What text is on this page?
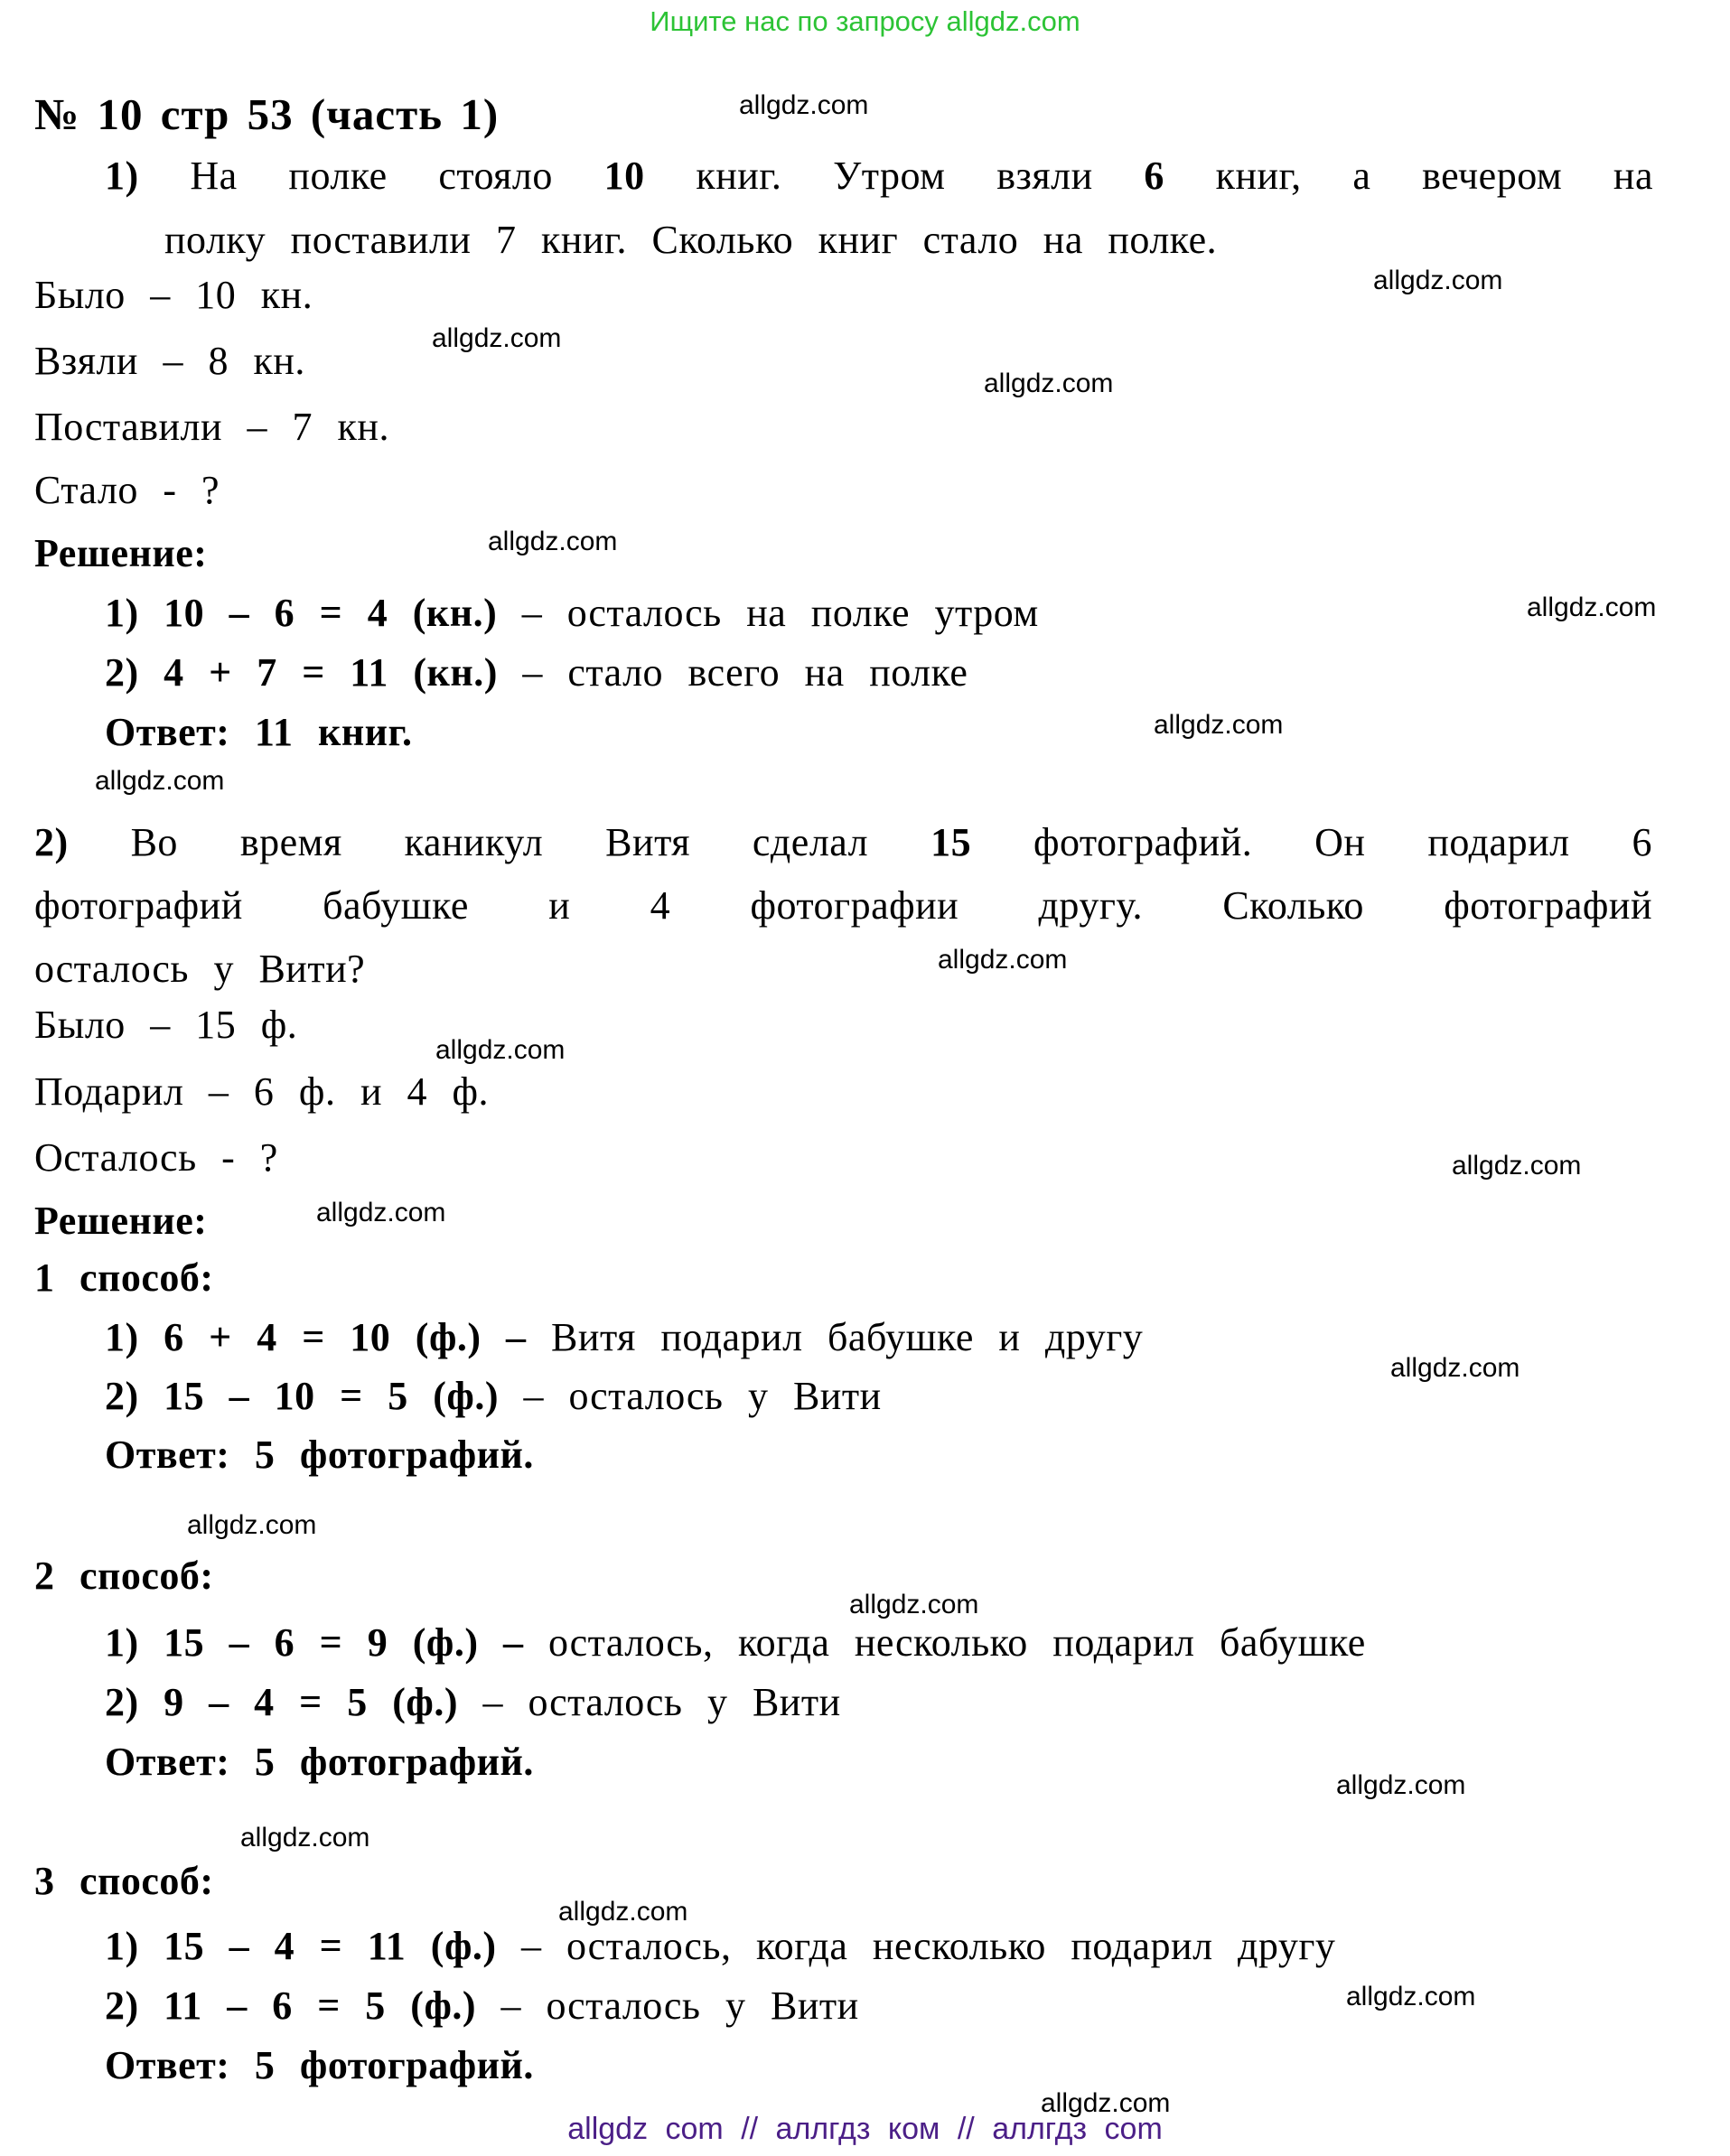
Ищите нас по запросу allgdz.com
№ 10 стр 53 (часть 1)
1) На полке стояло 10 книг. Утром взяли 6 книг, а вечером на
полку поставили 7 книг. Сколько книг стало на полке.
Было – 10 кн.
Взяли – 8 кн.
Поставили – 7 кн.
Стало - ?
Решение:
1) 10 – 6 = 4 (кн.) – осталось на полке утром
2) 4 + 7 = 11 (кн.) – стало всего на полке
Ответ: 11 книг.
2) Во время каникул Витя сделал 15 фотографий. Он подарил 6
фотографий бабушке и 4 фотографии другу. Сколько фотографий
осталось у Вити?
Было – 15 ф.
Подарил – 6 ф. и 4 ф.
Осталось - ?
Решение:
1 способ:
1) 6 + 4 = 10 (ф.) – Витя подарил бабушке и другу
2) 15 – 10 = 5 (ф.) – осталось у Вити
Ответ: 5 фотографий.
2 способ:
1) 15 – 6 = 9 (ф.) – осталось, когда несколько подарил бабушке
2) 9 – 4 = 5 (ф.) – осталось у Вити
Ответ: 5 фотографий.
3 способ:
1) 15 – 4 = 11 (ф.) – осталось, когда несколько подарил другу
2) 11 – 6 = 5 (ф.) – осталось у Вити
Ответ: 5 фотографий.
allgdz.com
allgdz.com
allgdz.com
allgdz.com
allgdz.com
allgdz.com
allgdz.com
allgdz.com
allgdz.com
allgdz.com
allgdz.com
allgdz.com
allgdz.com
allgdz.com
allgdz.com
allgdz.com
allgdz.com
allgdz.com
allgdz.com
allgdz.com
allgdz com // аллгдз ком // аллгдз com
